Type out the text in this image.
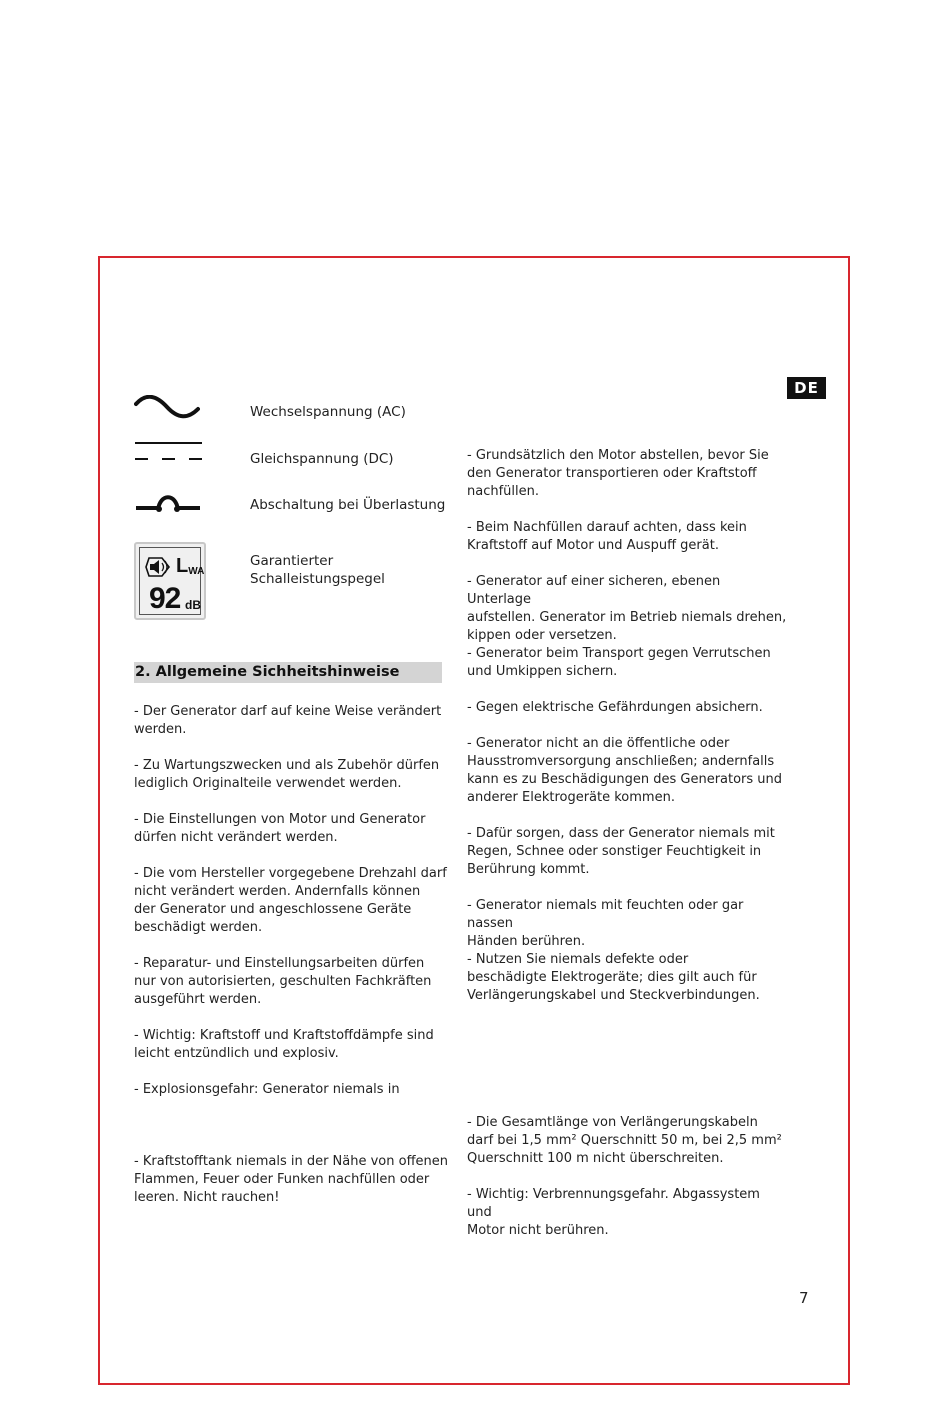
DE
Wechselspannung (AC)
Gleichspannung (DC)
Abschaltung bei Überlastung
$L_{WA}$
92 dB
Garantierter
Schalleistungspegel
2. Allgemeine Sichheitshinweise

- Der Generator darf auf keine Weise verändert
werden.

- Zu Wartungszwecken und als Zubehör dürfen
lediglich Originalteile verwendet werden.

- Die Einstellungen von Motor und Generator
dürfen nicht verändert werden.

- Die vom Hersteller vorgegebene Drehzahl darf
nicht verändert werden. Andernfalls können
der Generator und angeschlossene Geräte
beschädigt werden.

- Reparatur- und Einstellungsarbeiten dürfen
nur von autorisierten, geschulten Fachkräften
ausgeführt werden.

- Wichtig: Kraftstoff und Kraftstoffdämpfe sind
leicht entzündlich und explosiv.

- Explosionsgefahr: Generator niemals in

- Kraftstofftank niemals in der Nähe von offenen
Flammen, Feuer oder Funken nachfüllen oder
leeren. Nicht rauchen!

- Grundsätzlich den Motor abstellen, bevor Sie
den Generator transportieren oder Kraftstoff
nachfüllen.

- Beim Nachfüllen darauf achten, dass kein
Kraftstoff auf Motor und Auspuff gerät.

- Generator auf einer sicheren, ebenen Unterlage
aufstellen. Generator im Betrieb niemals drehen,
kippen oder versetzen.

- Generator beim Transport gegen Verrutschen
und Umkippen sichern.

- Gegen elektrische Gefährdungen absichern.

- Generator nicht an die öffentliche oder
Hausstromversorgung anschließen; andernfalls
kann es zu Beschädigungen des Generators und
anderer Elektrogeräte kommen.

- Dafür sorgen, dass der Generator niemals mit
Regen, Schnee oder sonstiger Feuchtigkeit in
Berührung kommt.

- Generator niemals mit feuchten oder gar nassen
Händen berühren.

- Nutzen Sie niemals defekte oder
beschädigte Elektrogeräte; dies gilt auch für
Verlängerungskabel und Steckverbindungen.

- Die Gesamtlänge von Verlängerungskabeln
darf bei 1,5 mm² Querschnitt 50 m, bei 2,5 mm²
Querschnitt 100 m nicht überschreiten.

- Wichtig: Verbrennungsgefahr. Abgassystem und
Motor nicht berühren.

7
